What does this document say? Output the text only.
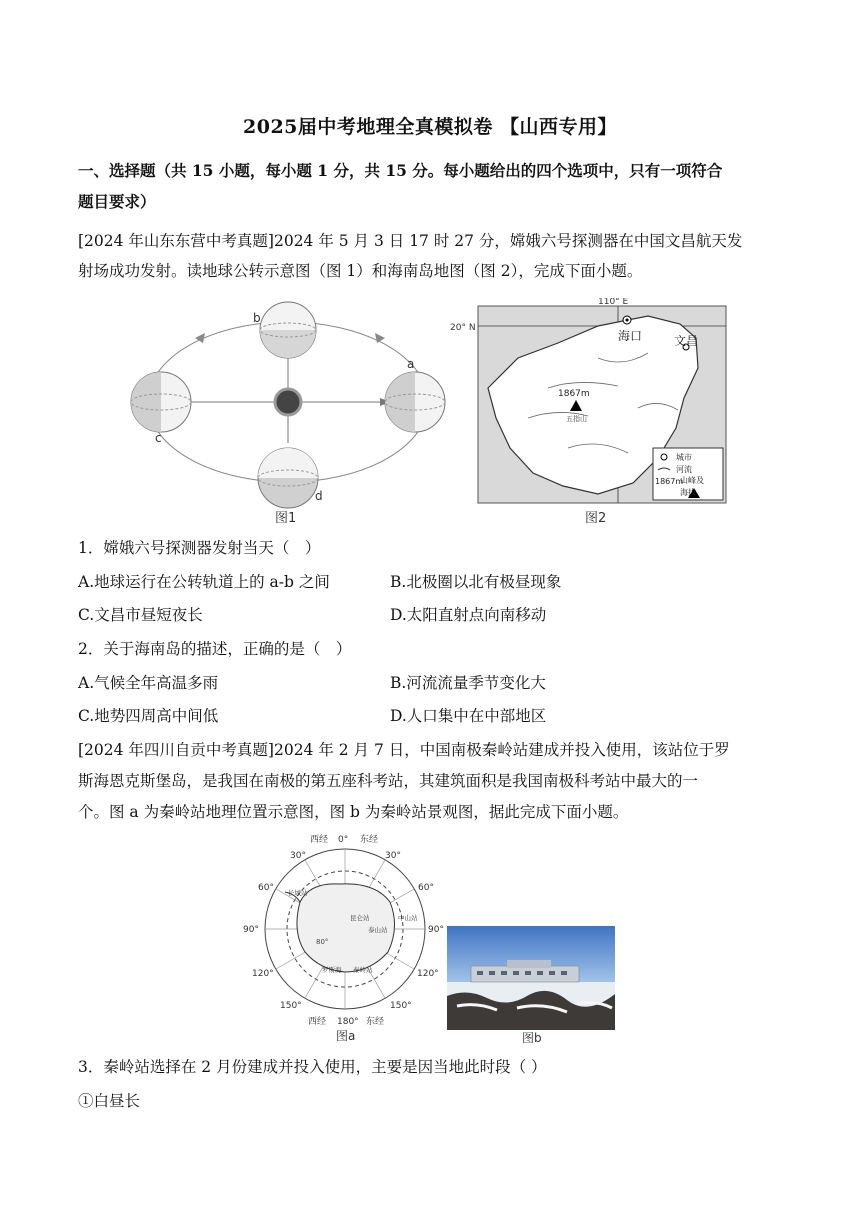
2025届中考地理全真模拟卷 【山西专用】
一、选择题（共 15 小题，每小题 1 分，共 15 分。每小题给出的四个选项中，只有一项符合
题目要求）
[2024 年山东东营中考真题]2024 年 5 月 3 日 17 时 27 分，嫦娥六号探测器在中国文昌航天发
射场成功发射。读地球公转示意图（图 1）和海南岛地图（图 2），完成下面小题。
b
c
a
d
图1
110° E
20° N
海口	文昌
1867m
五指山
城市
河流
山峰及
1867m
海拔
图2
1．嫦娥六号探测器发射当天（　）
A.地球运行在公转轨道上的 a-b 之间	B.北极圈以北有极昼现象
C.文昌市昼短夜长	D.太阳直射点向南移动
2．关于海南岛的描述，正确的是（　）
A.气候全年高温多雨	B.河流流量季节变化大
C.地势四周高中间低	D.人口集中在中部地区
[2024 年四川自贡中考真题]2024 年 2 月 7 日，中国南极秦岭站建成并投入使用，该站位于罗
斯海恩克斯堡岛，是我国在南极的第五座科考站，其建筑面积是我国南极科考站中最大的一
个。图 a 为秦岭站地理位置示意图，图 b 为秦岭站景观图，据此完成下面小题。
西经 0° 东经
30°	30°
60°	60°
90°	90°
120°	120°
150°	150°
西经 180° 东经
80°
长城站
昆仑站	中山站
泰山站
秦岭站
罗斯海
图a	图b
3．秦岭站选择在 2 月份建成并投入使用，主要是因当地此时段（ ）
①白昼长
